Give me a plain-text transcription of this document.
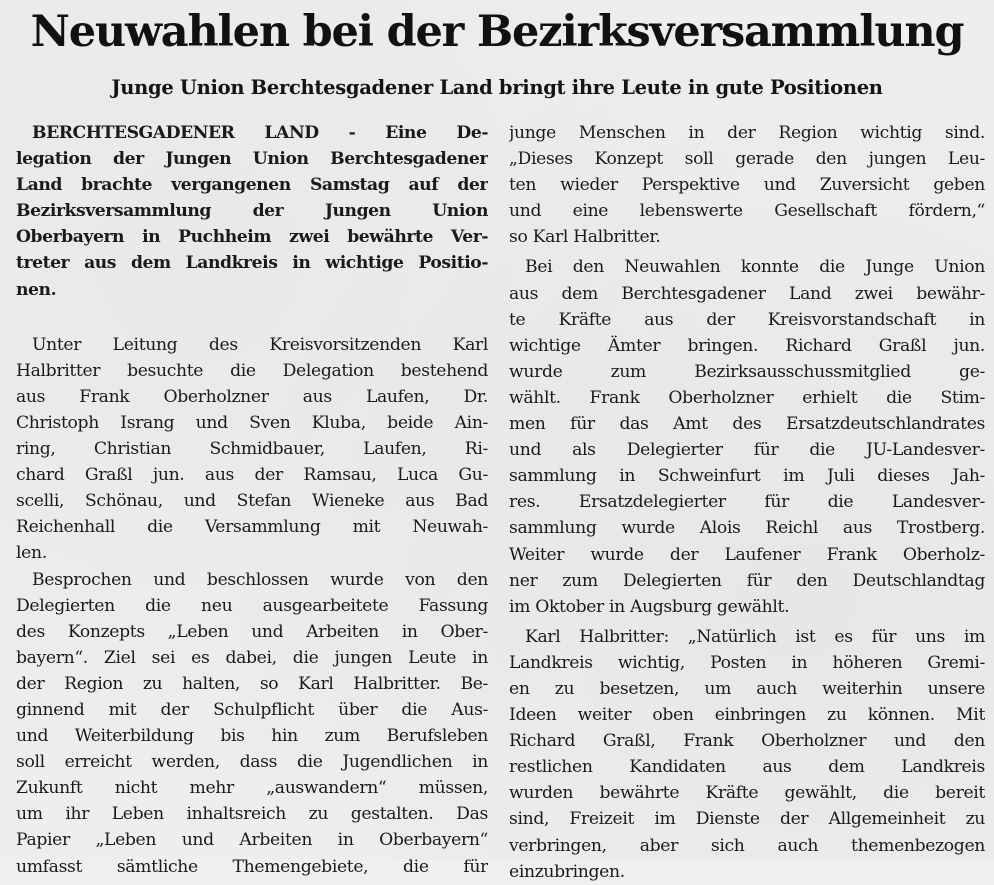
Neuwahlen bei der Bezirksversammlung
Junge Union Berchtesgadener Land bringt ihre Leute in gute Positionen
BERCHTESGADENER LAND - Eine De-
legation der Jungen Union Berchtesgadener
Land brachte vergangenen Samstag auf der
Bezirksversammlung der Jungen Union
Oberbayern in Puchheim zwei bewährte Ver-
treter aus dem Landkreis in wichtige Positio-
nen.
Unter Leitung des Kreisvorsitzenden Karl
Halbritter besuchte die Delegation bestehend
aus Frank Oberholzner aus Laufen, Dr.
Christoph Israng und Sven Kluba, beide Ain-
ring, Christian Schmidbauer, Laufen, Ri-
chard Graßl jun. aus der Ramsau, Luca Gu-
scelli, Schönau, und Stefan Wieneke aus Bad
Reichenhall die Versammlung mit Neuwah-
len.
Besprochen und beschlossen wurde von den
Delegierten die neu ausgearbeitete Fassung
des Konzepts „Leben und Arbeiten in Ober-
bayern“. Ziel sei es dabei, die jungen Leute in
der Region zu halten, so Karl Halbritter. Be-
ginnend mit der Schulpflicht über die Aus-
und Weiterbildung bis hin zum Berufsleben
soll erreicht werden, dass die Jugendlichen in
Zukunft nicht mehr „auswandern“ müssen,
um ihr Leben inhaltsreich zu gestalten. Das
Papier „Leben und Arbeiten in Oberbayern“
umfasst sämtliche Themengebiete, die für
junge Menschen in der Region wichtig sind.
„Dieses Konzept soll gerade den jungen Leu-
ten wieder Perspektive und Zuversicht geben
und eine lebenswerte Gesellschaft fördern,“
so Karl Halbritter.
Bei den Neuwahlen konnte die Junge Union
aus dem Berchtesgadener Land zwei bewähr-
te Kräfte aus der Kreisvorstandschaft in
wichtige Ämter bringen. Richard Graßl jun.
wurde zum Bezirksausschussmitglied ge-
wählt. Frank Oberholzner erhielt die Stim-
men für das Amt des Ersatzdeutschlandrates
und als Delegierter für die JU-Landesver-
sammlung in Schweinfurt im Juli dieses Jah-
res. Ersatzdelegierter für die Landesver-
sammlung wurde Alois Reichl aus Trostberg.
Weiter wurde der Laufener Frank Oberholz-
ner zum Delegierten für den Deutschlandtag
im Oktober in Augsburg gewählt.
Karl Halbritter: „Natürlich ist es für uns im
Landkreis wichtig, Posten in höheren Gremi-
en zu besetzen, um auch weiterhin unsere
Ideen weiter oben einbringen zu können. Mit
Richard Graßl, Frank Oberholzner und den
restlichen Kandidaten aus dem Landkreis
wurden bewährte Kräfte gewählt, die bereit
sind, Freizeit im Dienste der Allgemeinheit zu
verbringen, aber sich auch themenbezogen
einzubringen.
